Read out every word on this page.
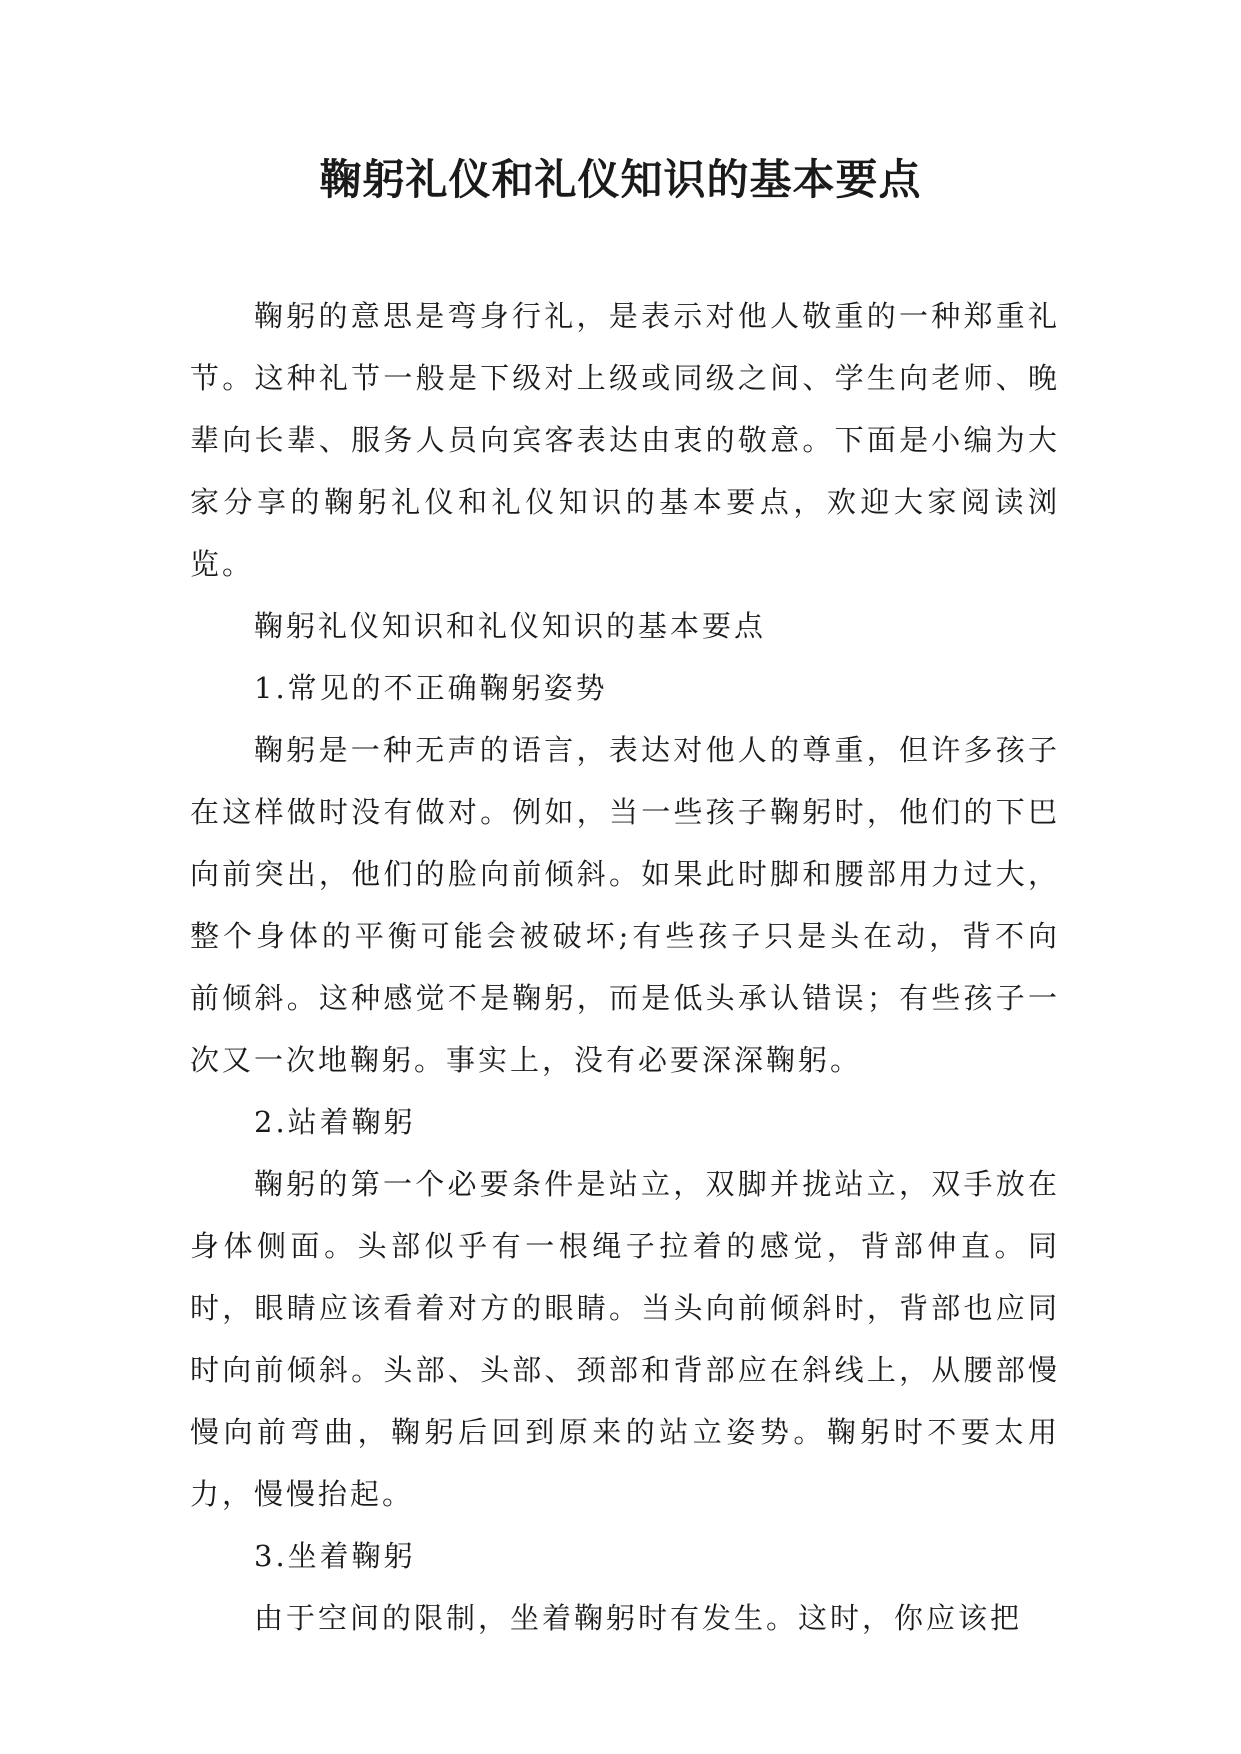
鞠躬礼仪和礼仪知识的基本要点

鞠躬的意思是弯身行礼，是表示对他人敬重的一种郑重礼节。这种礼节一般是下级对上级或同级之间、学生向老师、晚辈向长辈、服务人员向宾客表达由衷的敬意。下面是小编为大家分享的鞠躬礼仪和礼仪知识的基本要点，欢迎大家阅读浏览。

鞠躬礼仪知识和礼仪知识的基本要点

1.常见的不正确鞠躬姿势

鞠躬是一种无声的语言，表达对他人的尊重，但许多孩子在这样做时没有做对。例如，当一些孩子鞠躬时，他们的下巴向前突出，他们的脸向前倾斜。如果此时脚和腰部用力过大，整个身体的平衡可能会被破坏;有些孩子只是头在动，背不向前倾斜。这种感觉不是鞠躬，而是低头承认错误；有些孩子一次又一次地鞠躬。事实上，没有必要深深鞠躬。

2.站着鞠躬

鞠躬的第一个必要条件是站立，双脚并拢站立，双手放在身体侧面。头部似乎有一根绳子拉着的感觉，背部伸直。同时，眼睛应该看着对方的眼睛。当头向前倾斜时，背部也应同时向前倾斜。头部、头部、颈部和背部应在斜线上，从腰部慢慢向前弯曲，鞠躬后回到原来的站立姿势。鞠躬时不要太用力，慢慢抬起。

3.坐着鞠躬

由于空间的限制，坐着鞠躬时有发生。这时，你应该把
